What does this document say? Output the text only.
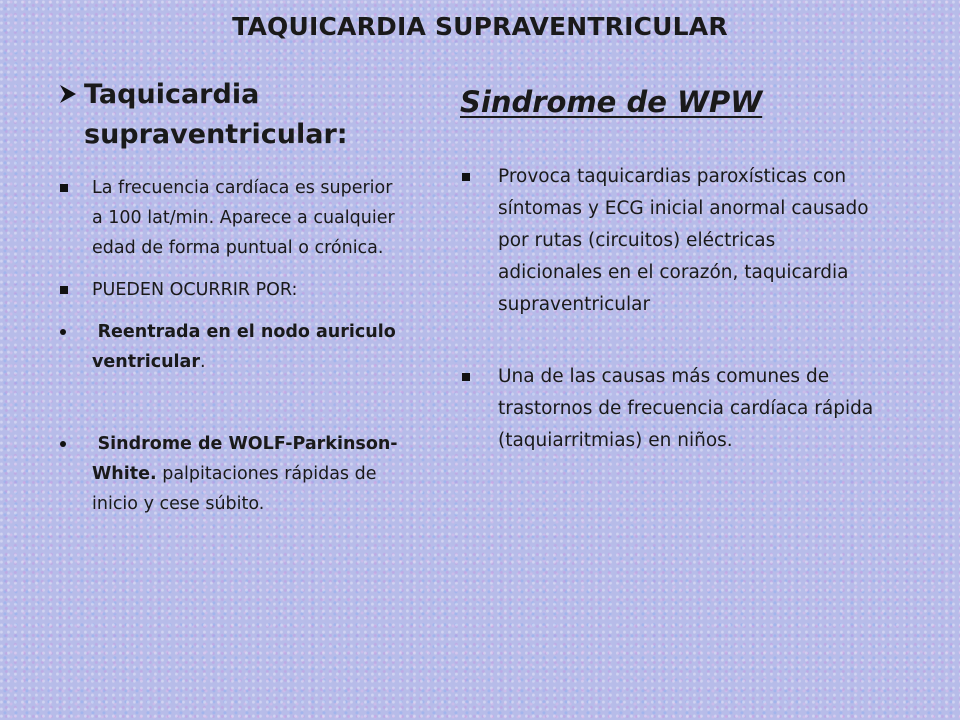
TAQUICARDIA SUPRAVENTRICULAR
Taquicardia supraventricular:
La frecuencia cardíaca es superior a 100 lat/min. Aparece a cualquier edad de forma puntual o crónica.
PUEDEN OCURRIR POR:
Reentrada en el nodo auriculo ventricular.
Sindrome de WOLF-Parkinson-White. palpitaciones rápidas de inicio y cese súbito.
Sindrome de WPW
Provoca taquicardias paroxísticas con síntomas y ECG inicial anormal causado por rutas (circuitos) eléctricas adicionales en el corazón, taquicardia supraventricular
Una de las causas más comunes de trastornos de frecuencia cardíaca rápida (taquiarritmias) en niños.
